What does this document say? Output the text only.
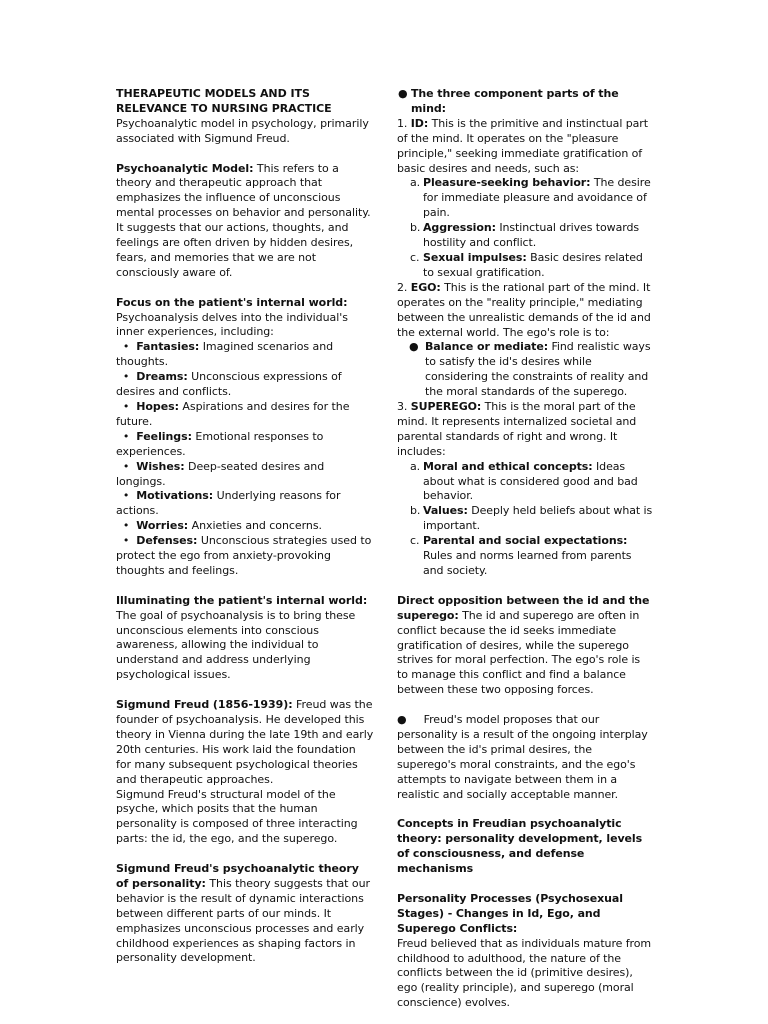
THERAPEUTIC MODELS AND ITS RELEVANCE TO NURSING PRACTICE

Psychoanalytic model in psychology, primarily associated with Sigmund Freud.

Psychoanalytic Model: This refers to a theory and therapeutic approach that emphasizes the influence of unconscious mental processes on behavior and personality. It suggests that our actions, thoughts, and feelings are often driven by hidden desires, fears, and memories that we are not consciously aware of.

Focus on the patient's internal world:

Psychoanalysis delves into the individual's inner experiences, including:

•  Fantasies: Imagined scenarios and thoughts.

•  Dreams: Unconscious expressions of desires and conflicts.

•  Hopes: Aspirations and desires for the future.

•  Feelings: Emotional responses to experiences.

•  Wishes: Deep-seated desires and longings.

•  Motivations: Underlying reasons for actions.

•  Worries: Anxieties and concerns.

•  Defenses: Unconscious strategies used to protect the ego from anxiety-provoking thoughts and feelings.

Illuminating the patient's internal world: The goal of psychoanalysis is to bring these unconscious elements into conscious awareness, allowing the individual to understand and address underlying psychological issues.

Sigmund Freud (1856-1939): Freud was the founder of psychoanalysis. He developed this theory in Vienna during the late 19th and early 20th centuries. His work laid the foundation for many subsequent psychological theories and therapeutic approaches.

Sigmund Freud's structural model of the psyche, which posits that the human personality is composed of three interacting parts: the id, the ego, and the superego.

Sigmund Freud's psychoanalytic theory of personality: This theory suggests that our behavior is the result of dynamic interactions between different parts of our minds. It emphasizes unconscious processes and early childhood experiences as shaping factors in personality development.

● The three component parts of the mind:

1. ID: This is the primitive and instinctual part of the mind. It operates on the "pleasure principle," seeking immediate gratification of basic desires and needs, such as:

a. Pleasure-seeking behavior: The desire for immediate pleasure and avoidance of pain.

b. Aggression: Instinctual drives towards hostility and conflict.

c. Sexual impulses: Basic desires related to sexual gratification.

2. EGO: This is the rational part of the mind. It operates on the "reality principle," mediating between the unrealistic demands of the id and the external world. The ego's role is to:

● Balance or mediate: Find realistic ways to satisfy the id's desires while considering the constraints of reality and the moral standards of the superego.

3. SUPEREGO: This is the moral part of the mind. It represents internalized societal and parental standards of right and wrong. It includes:

a. Moral and ethical concepts: Ideas about what is considered good and bad behavior.

b. Values: Deeply held beliefs about what is important.

c. Parental and social expectations: Rules and norms learned from parents and society.

Direct opposition between the id and the superego: The id and superego are often in conflict because the id seeks immediate gratification of desires, while the superego strives for moral perfection. The ego's role is to manage this conflict and find a balance between these two opposing forces.

● Freud's model proposes that our personality is a result of the ongoing interplay between the id's primal desires, the superego's moral constraints, and the ego's attempts to navigate between them in a realistic and socially acceptable manner.

Concepts in Freudian psychoanalytic theory: personality development, levels of consciousness, and defense mechanisms

Personality Processes (Psychosexual Stages) - Changes in Id, Ego, and Superego Conflicts:

Freud believed that as individuals mature from childhood to adulthood, the nature of the conflicts between the id (primitive desires), ego (reality principle), and superego (moral conscience) evolves.
